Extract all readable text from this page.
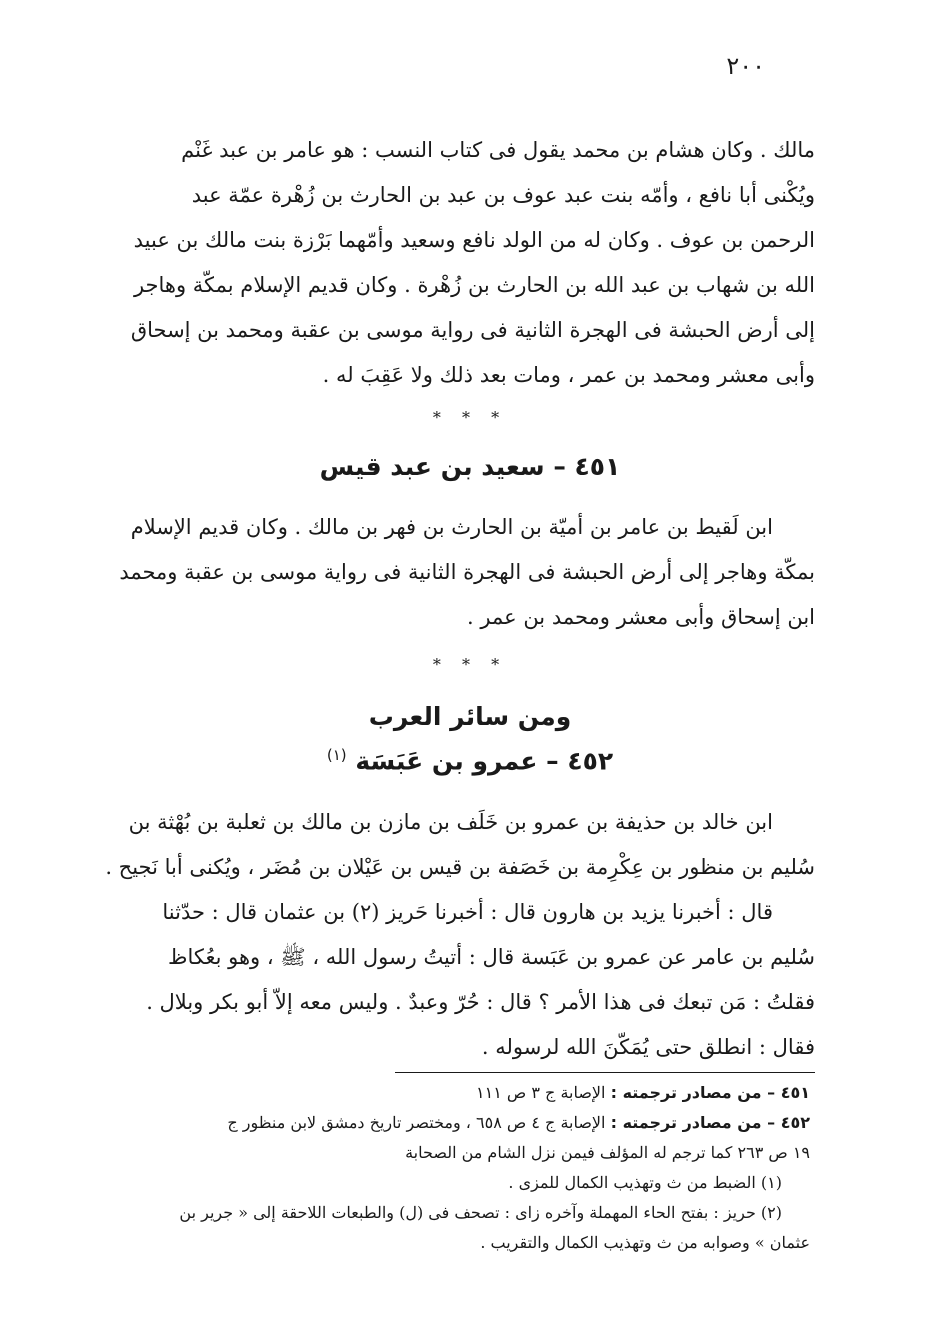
٢٠٠

مالك . وكان هشام بن محمد يقول فى كتاب النسب : هو عامر بن عبد غَنْم

ويُكْنى أبا نافع ، وأمّه بنت عبد عوف بن عبد بن الحارث بن زُهْرة عمّة عبد

الرحمن بن عوف . وكان له من الولد نافع وسعيد وأمّهما بَرْزة بنت مالك بن عبيد

الله بن شهاب بن عبد الله بن الحارث بن زُهْرة . وكان قديم الإسلام بمكّة وهاجر

إلى أرض الحبشة فى الهجرة الثانية فى رواية موسى بن عقبة ومحمد بن إسحاق

وأبى معشر ومحمد بن عمر ، ومات بعد ذلك ولا عَقِبَ له .

* * *
٤٥١ – سعيد بن عبد قيس

ابن لَقيط بن عامر بن أميّة بن الحارث بن فهر بن مالك . وكان قديم الإسلام

بمكّة وهاجر إلى أرض الحبشة فى الهجرة الثانية فى رواية موسى بن عقبة ومحمد

ابن إسحاق وأبى معشر ومحمد بن عمر .

* * *
ومن سائر العرب
٤٥٢ – عمرو بن عَبَسَة $^{(١)}$

ابن خالد بن حذيفة بن عمرو بن خَلَف بن مازن بن مالك بن ثعلبة بن بُهْثة بن

سُليم بن منظور بن عِكْرِمة بن خَصَفة بن قيس بن عَيْلان بن مُضَر ، ويُكنى أبا نَجيح .

قال : أخبرنا يزيد بن هارون قال : أخبرنا حَريز (٢) بن عثمان قال : حدّثنا

سُليم بن عامر عن عمرو بن عَبَسة قال : أتيتُ رسول الله ، ﷺ ، وهو بعُكاظ

فقلتُ : مَن تبعك فى هذا الأمر ؟ قال : حُرّ وعبدٌ . وليس معه إلاّ أبو بكر وبلال .

فقال : انطلق حتى يُمَكّنَ الله لرسوله .

٤٥١ – من مصادر ترجمته : الإصابة ج ٣ ص ١١١

٤٥٢ – من مصادر ترجمته : الإصابة ج ٤ ص ٦٥٨ ، ومختصر تاريخ دمشق لابن منظور ج

١٩ ص ٢٦٣ كما ترجم له المؤلف فيمن نزل الشام من الصحابة

(١) الضبط من ث وتهذيب الكمال للمزى .

(٢) حريز : بفتح الحاء المهملة وآخره زاى : تصحف فى (ل) والطبعات اللاحقة إلى « جرير بن

عثمان » وصوابه من ث وتهذيب الكمال والتقريب .
